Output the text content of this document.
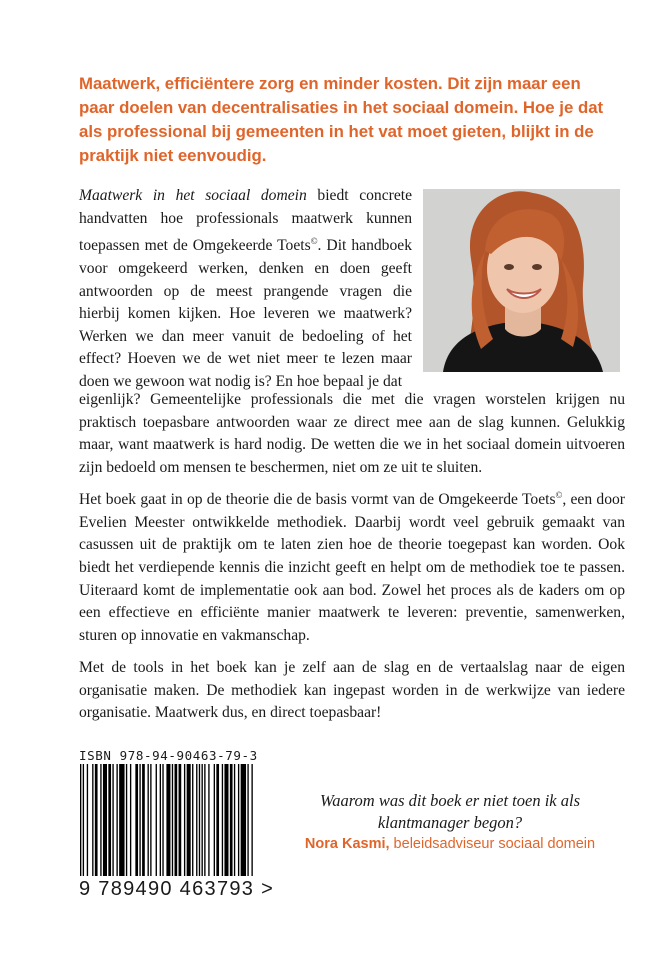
Maatwerk, efficiëntere zorg en minder kosten. Dit zijn maar een paar doelen van decentralisaties in het sociaal domein. Hoe je dat als professional bij gemeenten in het vat moet gieten, blijkt in de praktijk niet eenvoudig.

Maatwerk in het sociaal domein biedt concrete handvatten hoe professionals maatwerk kunnen toepassen met de Omgekeerde Toets©. Dit handboek voor omgekeerd werken, denken en doen geeft antwoorden op de meest prangende vragen die hierbij komen kijken. Hoe leveren we maatwerk? Werken we dan meer vanuit de bedoeling of het effect? Hoeven we de wet niet meer te lezen maar doen we gewoon wat nodig is? En hoe bepaal je dat

eigenlijk? Gemeentelijke professionals die met die vragen worstelen krijgen nu praktisch toepasbare antwoorden waar ze direct mee aan de slag kunnen. Gelukkig maar, want maatwerk is hard nodig. De wetten die we in het sociaal domein uitvoeren zijn bedoeld om mensen te beschermen, niet om ze uit te sluiten.

Het boek gaat in op de theorie die de basis vormt van de Omgekeerde Toets©, een door Evelien Meester ontwikkelde methodiek. Daarbij wordt veel gebruik gemaakt van casussen uit de praktijk om te laten zien hoe de theorie toegepast kan worden. Ook biedt het verdiepende kennis die inzicht geeft en helpt om de methodiek toe te passen. Uiteraard komt de implementatie ook aan bod. Zowel het proces als de kaders om op een effectieve en efficiënte manier maatwerk te leveren: preventie, samenwerken, sturen op innovatie en vakmanschap.

Met de tools in het boek kan je zelf aan de slag en de vertaalslag naar de eigen organisatie maken. De methodiek kan ingepast worden in de werkwijze van iedere organisatie. Maatwerk dus, en direct toepasbaar!

ISBN 978-94-90463-79-3
9 789490 463793 >
Waarom was dit boek er niet toen ik als klantmanager begon?
Nora Kasmi, beleidsadviseur sociaal domein
